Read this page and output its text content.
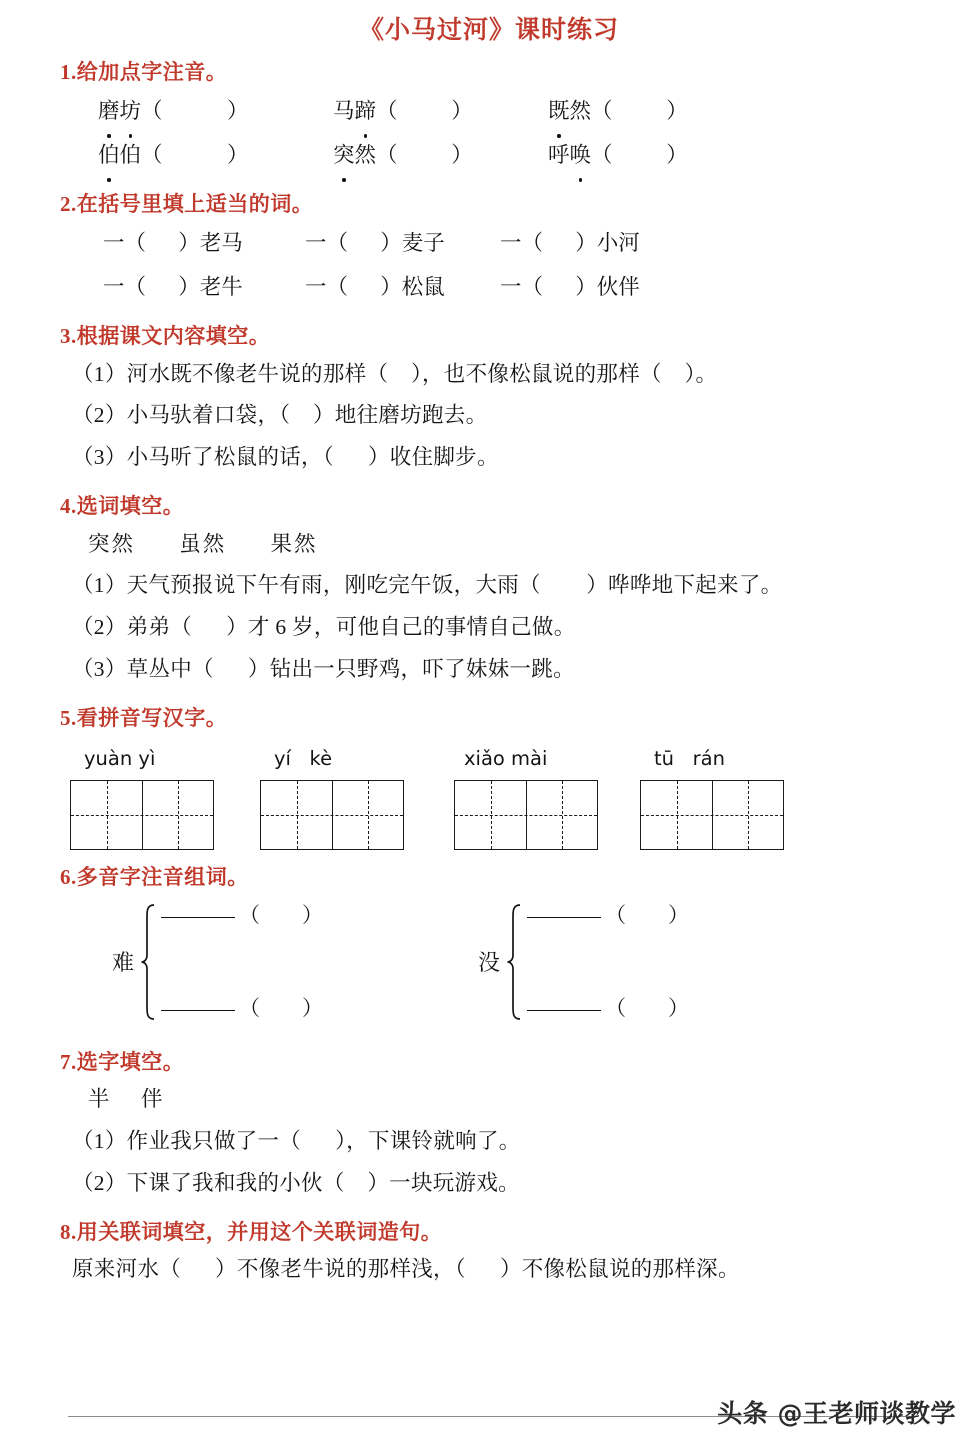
《小马过河》课时练习
1.给加点字注音。
磨坊（            ）	马蹄（          ）	既然（          ）
伯伯（            ）	突然（          ）	呼唤（          ）
2.在括号里填上适当的词。
一（      ）老马	一（      ）麦子	一（      ）小河
一（      ）老牛	一（      ）松鼠	一（      ）伙伴
3.根据课文内容填空。
（1）河水既不像老牛说的那样（    ），也不像松鼠说的那样（    ）。
（2）小马驮着口袋，（    ）地往磨坊跑去。
（3）小马听了松鼠的话，（      ）收住脚步。
4.选词填空。
突然      虽然      果然
（1）天气预报说下午有雨，刚吃完午饭，大雨（        ）哗哗地下起来了。
（2）弟弟（      ）才 6 岁，可他自己的事情自己做。
（3）草丛中（      ）钻出一只野鸡，吓了妹妹一跳。
5.看拼音写汉字。
yuàn yì	yí   kè	xiǎo mài	tū   rán
6.多音字注音组词。
难
（        ）
（        ）
没
（        ）
（        ）
7.选字填空。
半    伴
（1）作业我只做了一（      ），下课铃就响了。
（2）下课了我和我的小伙（    ）一块玩游戏。
8.用关联词填空，并用这个关联词造句。
原来河水（      ）不像老牛说的那样浅，（      ）不像松鼠说的那样深。
头条 @王老师谈教学
